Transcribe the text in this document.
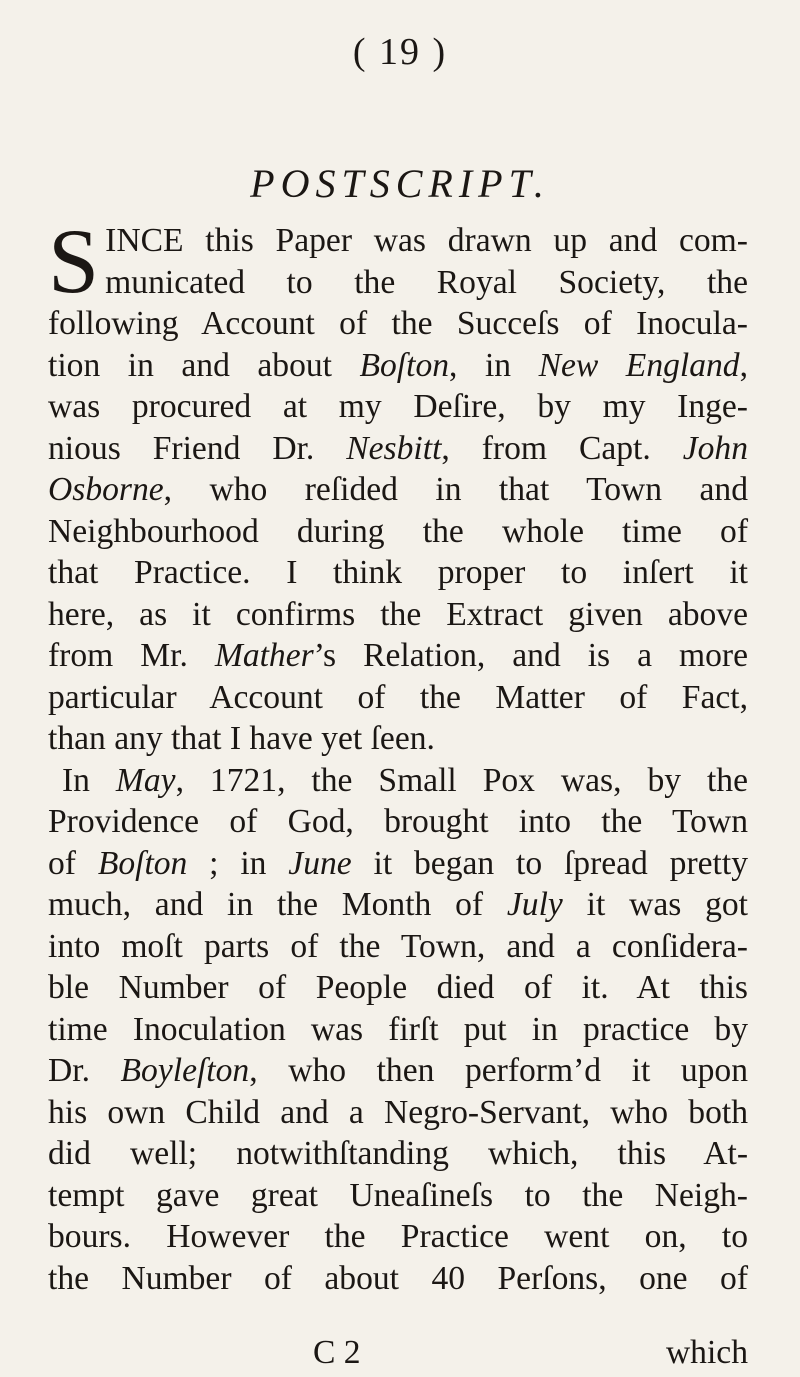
( 19 )
POSTSCRIPT.
S INCE this Paper was drawn up and com-
municated to the Royal Society, the
following Account of the Succeſs of Inocula-
tion in and about Boſton, in New England,
was procured at my Deſire, by my Inge-
nious Friend Dr. Nesbitt, from Capt. John
Osborne, who reſided in that Town and
Neighbourhood during the whole time of
that Practice. I think proper to inſert it
here, as it confirms the Extract given above
from Mr. Mather’s Relation, and is a more
particular Account of the Matter of Fact,
than any that I have yet ſeen.
In May, 1721, the Small Pox was, by the
Providence of God, brought into the Town
of Boſton ; in June it began to ſpread pretty
much, and in the Month of July it was got
into moſt parts of the Town, and a conſidera-
ble Number of People died of it. At this
time Inoculation was firſt put in practice by
Dr. Boyleſton, who then perform’d it upon
his own Child and a Negro-Servant, who both
did well; notwithſtanding which, this At-
tempt gave great Uneaſineſs to the Neigh-
bours. However the Practice went on, to
the Number of about 40 Perſons, one of
C 2	which
